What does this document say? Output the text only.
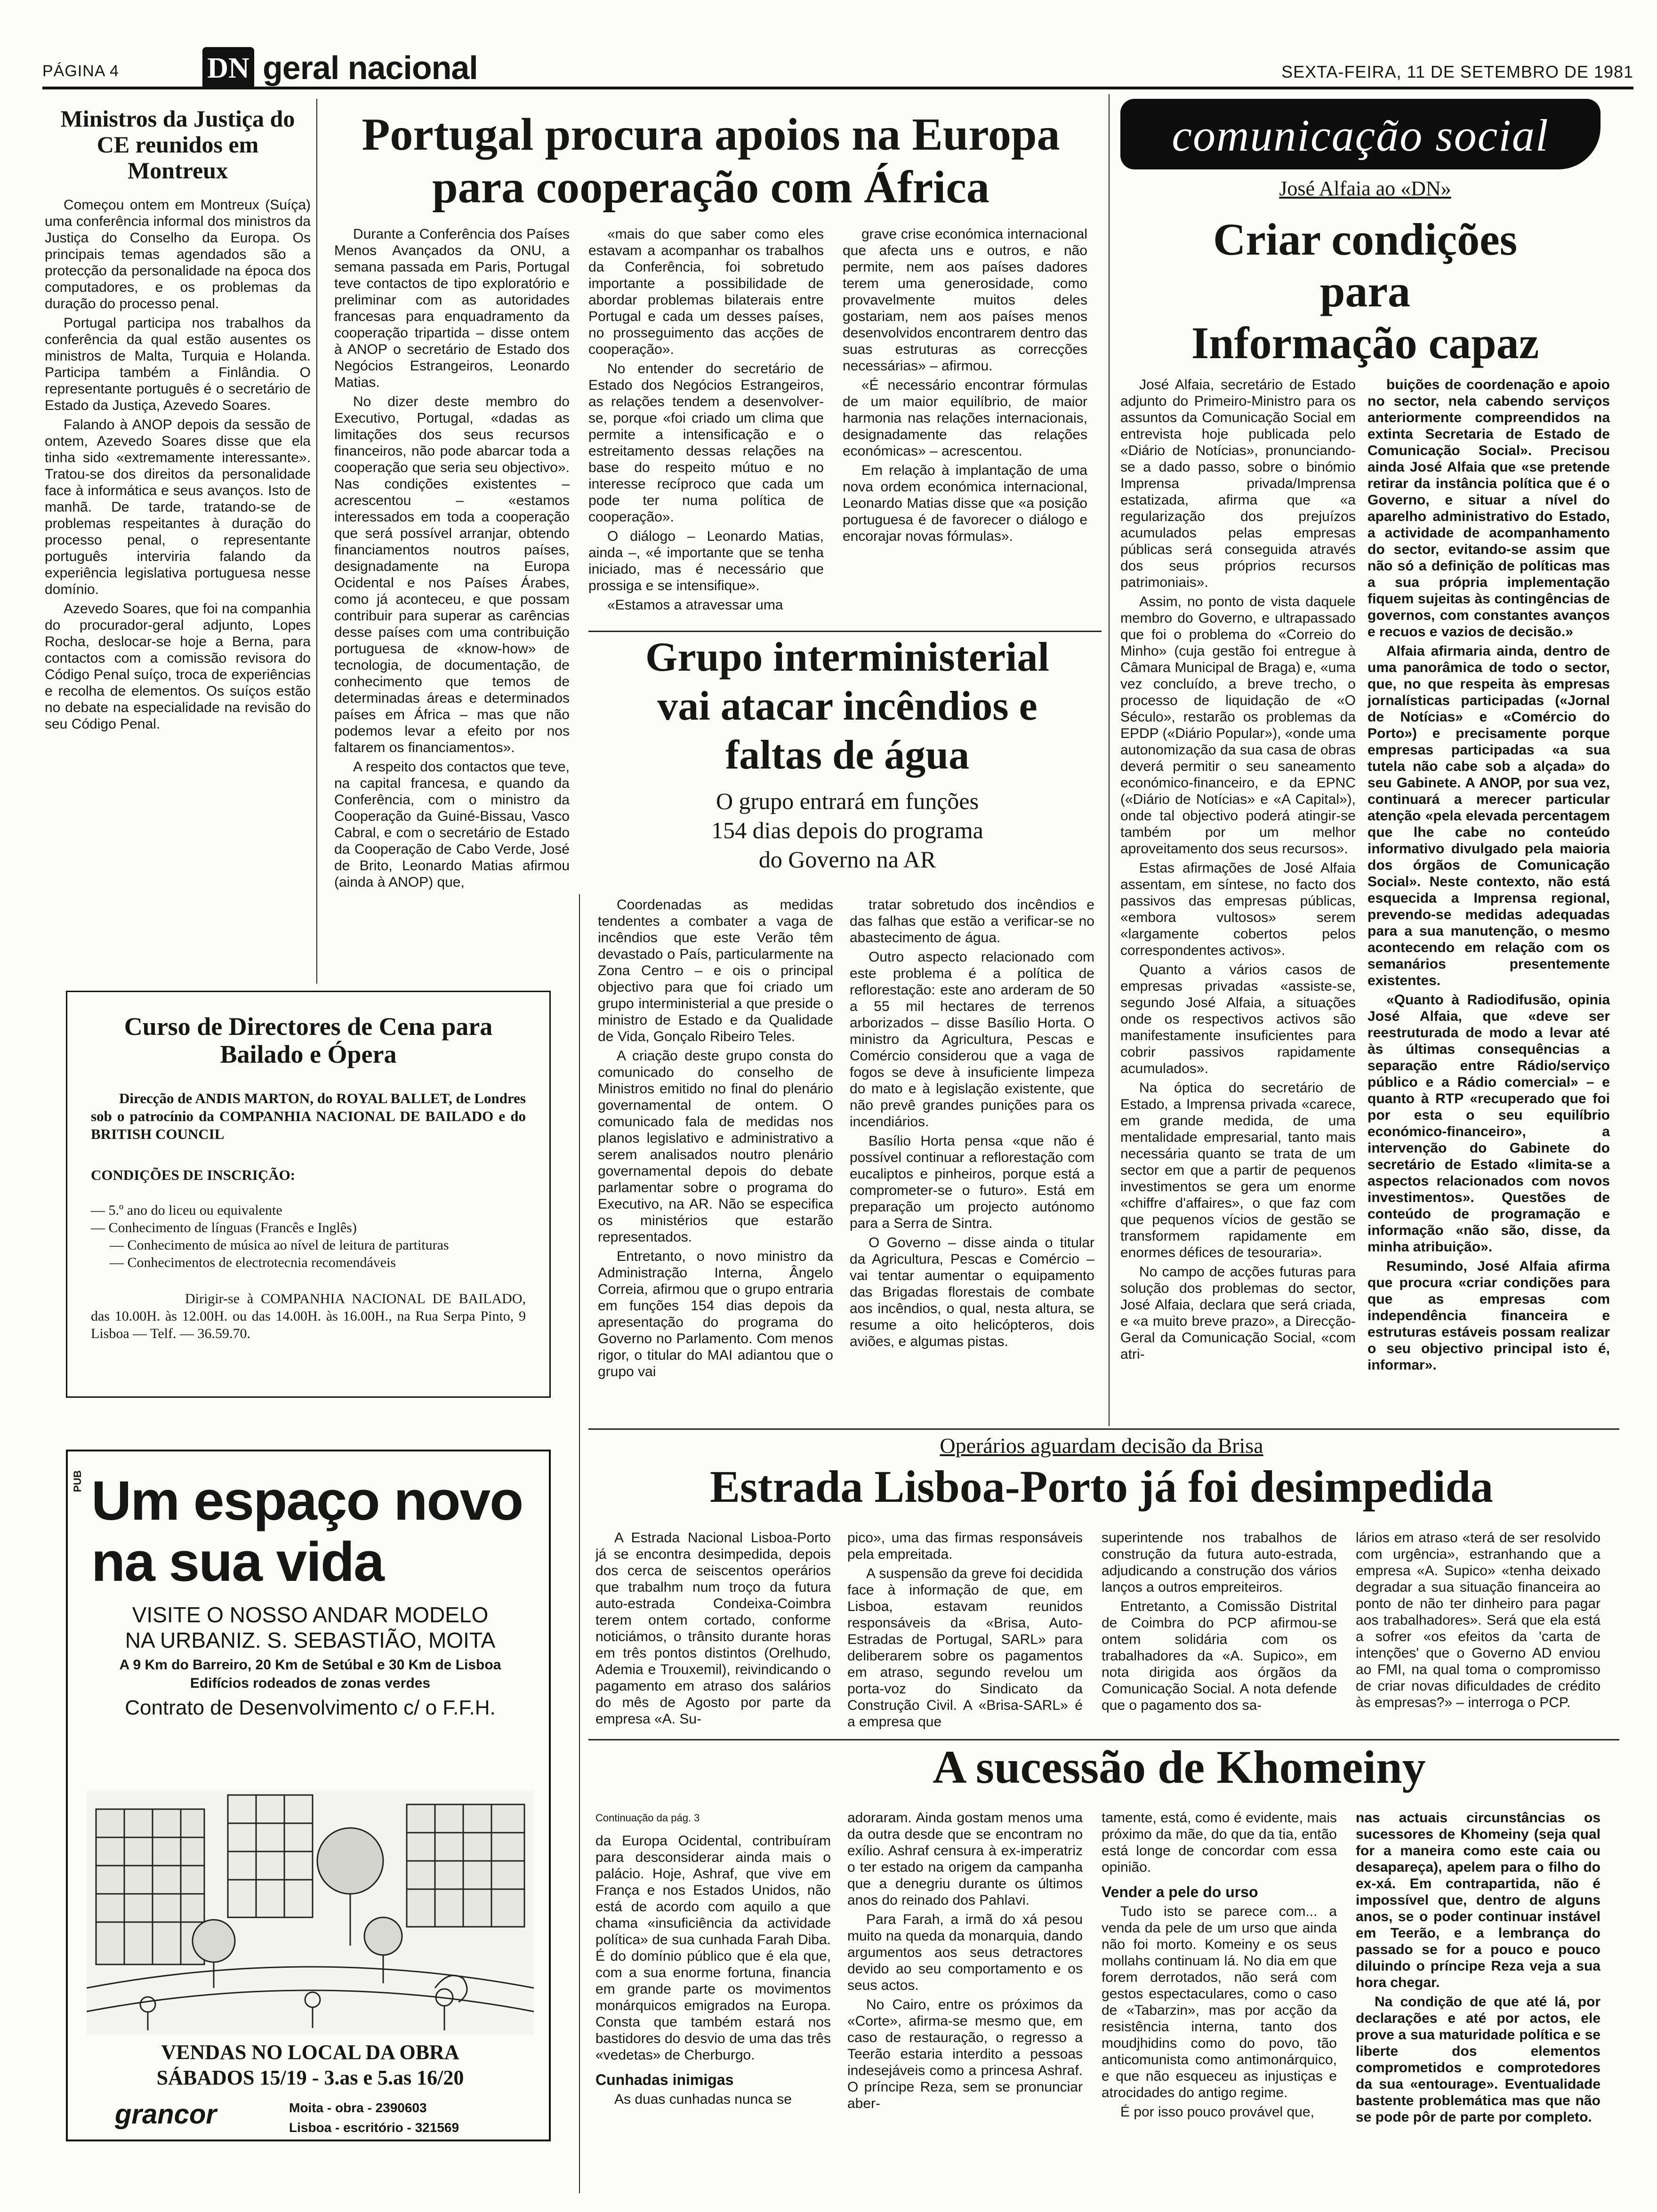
PÁGINA 4	DN geral nacional	SEXTA-FEIRA, 11 DE SETEMBRO DE 1981
Ministros da Justiça do CE reunidos em Montreux

Começou ontem em Montreux (Suíça) uma conferência informal dos ministros da Justiça do Conselho da Europa. Os principais temas agendados são a protecção da personalidade na época dos computadores, e os problemas da duração do processo penal.

Portugal participa nos trabalhos da conferência da qual estão ausentes os ministros de Malta, Turquia e Holanda. Participa também a Finlândia. O representante português é o secretário de Estado da Justiça, Azevedo Soares.

Falando à ANOP depois da sessão de ontem, Azevedo Soares disse que ela tinha sido «extremamente interessante». Tratou-se dos direitos da personalidade face à informática e seus avanços. Isto de manhã. De tarde, tratando-se de problemas respeitantes à duração do processo penal, o representante português interviria falando da experiência legislativa portuguesa nesse domínio.

Azevedo Soares, que foi na companhia do procurador-geral adjunto, Lopes Rocha, deslocar-se hoje a Berna, para contactos com a comissão revisora do Código Penal suíço, troca de experiências e recolha de elementos. Os suíços estão no debate na especialidade na revisão do seu Código Penal.

Curso de Directores de Cena para Bailado e Ópera

Direcção de ANDIS MARTON, do ROYAL BALLET, de Londres sob o patrocínio da COMPANHIA NACIONAL DE BAILADO e do BRITISH COUNCIL

CONDIÇÕES DE INSCRIÇÃO:

— 5.º ano do liceu ou equivalente
— Conhecimento de línguas (Francês e Inglês)
— Conhecimento de música ao nível de leitura de partituras
— Conhecimentos de electrotecnia recomendáveis

Dirigir-se à COMPANHIA NACIONAL DE BAILADO, das 10.00H. às 12.00H. ou das 14.00H. às 16.00H., na Rua Serpa Pinto, 9 Lisboa — Telf. — 36.59.70.

PUB Um espaço novo
na sua vida
VISITE O NOSSO ANDAR MODELO
NA URBANIZ. S. SEBASTIÃO, MOITA
A 9 Km do Barreiro, 20 Km de Setúbal e 30 Km de Lisboa
Edifícios rodeados de zonas verdes
Contrato de Desenvolvimento c/ o F.F.H.
VENDAS NO LOCAL DA OBRA
SÁBADOS 15/19 - 3.as e 5.as 16/20
grancor	Moita - obra - 2390603
Lisboa - escritório - 321569
Portugal procura apoios na Europa
para cooperação com África

Durante a Conferência dos Países Menos Avançados da ONU, a semana passada em Paris, Portugal teve contactos de tipo exploratório e preliminar com as autoridades francesas para enquadramento da cooperação tripartida – disse ontem à ANOP o secretário de Estado dos Negócios Estrangeiros, Leonardo Matias.

No dizer deste membro do Executivo, Portugal, «dadas as limitações dos seus recursos financeiros, não pode abarcar toda a cooperação que seria seu objectivo». Nas condições existentes – acrescentou – «estamos interessados em toda a cooperação que será possível arranjar, obtendo financiamentos noutros países, designadamente na Europa Ocidental e nos Países Árabes, como já aconteceu, e que possam contribuir para superar as carências desse países com uma contribuição portuguesa de «know-how» de tecnologia, de documentação, de conhecimento que temos de determinadas áreas e determinados países em África – mas que não podemos levar a efeito por nos faltarem os financiamentos».

A respeito dos contactos que teve, na capital francesa, e quando da Conferência, com o ministro da Cooperação da Guiné-Bissau, Vasco Cabral, e com o secretário de Estado da Cooperação de Cabo Verde, José de Brito, Leonardo Matias afirmou (ainda à ANOP) que,

«mais do que saber como eles estavam a acompanhar os trabalhos da Conferência, foi sobretudo importante a possibilidade de abordar problemas bilaterais entre Portugal e cada um desses países, no prosseguimento das acções de cooperação».

No entender do secretário de Estado dos Negócios Estrangeiros, as relações tendem a desenvolver-se, porque «foi criado um clima que permite a intensificação e o estreitamento dessas relações na base do respeito mútuo e no interesse recíproco que cada um pode ter numa política de cooperação».

O diálogo – Leonardo Matias, ainda –, «é importante que se tenha iniciado, mas é necessário que prossiga e se intensifique».

«Estamos a atravessar uma

grave crise económica internacional que afecta uns e outros, e não permite, nem aos países dadores terem uma generosidade, como provavelmente muitos deles gostariam, nem aos países menos desenvolvidos encontrarem dentro das suas estruturas as correcções necessárias» – afirmou.

«É necessário encontrar fórmulas de um maior equilíbrio, de maior harmonia nas relações internacionais, designadamente das relações económicas» – acrescentou.

Em relação à implantação de uma nova ordem económica internacional, Leonardo Matias disse que «a posição portuguesa é de favorecer o diálogo e encorajar novas fórmulas».

Grupo interministerial
vai atacar incêndios e
faltas de água
O grupo entrará em funções
154 dias depois do programa
do Governo na AR

Coordenadas as medidas tendentes a combater a vaga de incêndios que este Verão têm devastado o País, particularmente na Zona Centro – e ois o principal objectivo para que foi criado um grupo interministerial a que preside o ministro de Estado e da Qualidade de Vida, Gonçalo Ribeiro Teles.

A criação deste grupo consta do comunicado do conselho de Ministros emitido no final do plenário governamental de ontem. O comunicado fala de medidas nos planos legislativo e administrativo a serem analisados noutro plenário governamental depois do debate parlamentar sobre o programa do Executivo, na AR. Não se especifica os ministérios que estarão representados.

Entretanto, o novo ministro da Administração Interna, Ângelo Correia, afirmou que o grupo entraria em funções 154 dias depois da apresentação do programa do Governo no Parlamento. Com menos rigor, o titular do MAI adiantou que o grupo vai

tratar sobretudo dos incêndios e das falhas que estão a verificar-se no abastecimento de água.

Outro aspecto relacionado com este problema é a política de reflorestação: este ano arderam de 50 a 55 mil hectares de terrenos arborizados – disse Basílio Horta. O ministro da Agricultura, Pescas e Comércio considerou que a vaga de fogos se deve à insuficiente limpeza do mato e à legislação existente, que não prevê grandes punições para os incendiários.

Basílio Horta pensa «que não é possível continuar a reflorestação com eucaliptos e pinheiros, porque está a comprometer-se o futuro». Está em preparação um projecto autónomo para a Serra de Sintra.

O Governo – disse ainda o titular da Agricultura, Pescas e Comércio – vai tentar aumentar o equipamento das Brigadas florestais de combate aos incêndios, o qual, nesta altura, se resume a oito helicópteros, dois aviões, e algumas pistas.

comunicação social
José Alfaia ao «DN»
Criar condições
para
Informação capaz

José Alfaia, secretário de Estado adjunto do Primeiro-Ministro para os assuntos da Comunicação Social em entrevista hoje publicada pelo «Diário de Notícias», pronunciando-se a dado passo, sobre o binómio Imprensa privada/Imprensa estatizada, afirma que «a regularização dos prejuízos acumulados pelas empresas públicas será conseguida através dos seus próprios recursos patrimoniais».

Assim, no ponto de vista daquele membro do Governo, e ultrapassado que foi o problema do «Correio do Minho» (cuja gestão foi entregue à Câmara Municipal de Braga) e, «uma vez concluído, a breve trecho, o processo de liquidação de «O Século», restarão os problemas da EPDP («Diário Popular»), «onde uma autonomização da sua casa de obras deverá permitir o seu saneamento económico-financeiro, e da EPNC («Diário de Notícias» e «A Capital»), onde tal objectivo poderá atingir-se também por um melhor aproveitamento dos seus recursos».

Estas afirmações de José Alfaia assentam, em síntese, no facto dos passivos das empresas públicas, «embora vultosos» serem «largamente cobertos pelos correspondentes activos».

Quanto a vários casos de empresas privadas «assiste-se, segundo José Alfaia, a situações onde os respectivos activos são manifestamente insuficientes para cobrir passivos rapidamente acumulados».

Na óptica do secretário de Estado, a Imprensa privada «carece, em grande medida, de uma mentalidade empresarial, tanto mais necessária quanto se trata de um sector em que a partir de pequenos investimentos se gera um enorme «chiffre d'affaires», o que faz com que pequenos vícios de gestão se transformem rapidamente em enormes défices de tesouraria».

No campo de acções futuras para solução dos problemas do sector, José Alfaia, declara que será criada, e «a muito breve prazo», a Direcção-Geral da Comunicação Social, «com atri-

buições de coordenação e apoio no sector, nela cabendo serviços anteriormente compreendidos na extinta Secretaria de Estado de Comunicação Social». Precisou ainda José Alfaia que «se pretende retirar da instância política que é o Governo, e situar a nível do aparelho administrativo do Estado, a actividade de acompanhamento do sector, evitando-se assim que não só a definição de políticas mas a sua própria implementação fiquem sujeitas às contingências de governos, com constantes avanços e recuos e vazios de decisão.»

Alfaia afirmaria ainda, dentro de uma panorâmica de todo o sector, que, no que respeita às empresas jornalísticas participadas («Jornal de Notícias» e «Comércio do Porto») e precisamente porque empresas participadas «a sua tutela não cabe sob a alçada» do seu Gabinete. A ANOP, por sua vez, continuará a merecer particular atenção «pela elevada percentagem que lhe cabe no conteúdo informativo divulgado pela maioria dos órgãos de Comunicação Social». Neste contexto, não está esquecida a Imprensa regional, prevendo-se medidas adequadas para a sua manutenção, o mesmo acontecendo em relação com os semanários presentemente existentes.

«Quanto à Radiodifusão, opinia José Alfaia, que «deve ser reestruturada de modo a levar até às últimas consequências a separação entre Rádio/serviço público e a Rádio comercial» – e quanto à RTP «recuperado que foi por esta o seu equilíbrio económico-financeiro», a intervenção do Gabinete do secretário de Estado «limita-se a aspectos relacionados com novos investimentos». Questões de conteúdo de programação e informação «não são, disse, da minha atribuição».

Resumindo, José Alfaia afirma que procura «criar condições para que as empresas com independência financeira e estruturas estáveis possam realizar o seu objectivo principal isto é, informar».

Operários aguardam decisão da Brisa
Estrada Lisboa-Porto já foi desimpedida

A Estrada Nacional Lisboa-Porto já se encontra desimpedida, depois dos cerca de seiscentos operários que trabalhm num troço da futura auto-estrada Condeixa-Coimbra terem ontem cortado, conforme noticiámos, o trânsito durante horas em três pontos distintos (Orelhudo, Ademia e Trouxemil), reivindicando o pagamento em atraso dos salários do mês de Agosto por parte da empresa «A. Su-

pico», uma das firmas responsáveis pela empreitada.

A suspensão da greve foi decidida face à informação de que, em Lisboa, estavam reunidos responsáveis da «Brisa, Auto-Estradas de Portugal, SARL» para deliberarem sobre os pagamentos em atraso, segundo revelou um porta-voz do Sindicato da Construção Civil. A «Brisa-SARL» é a empresa que

superintende nos trabalhos de construção da futura auto-estrada, adjudicando a construção dos vários lanços a outros empreiteiros.

Entretanto, a Comissão Distrital de Coimbra do PCP afirmou-se ontem solidária com os trabalhadores da «A. Supico», em nota dirigida aos órgãos da Comunicação Social. A nota defende que o pagamento dos sa-

lários em atraso «terá de ser resolvido com urgência», estranhando que a empresa «A. Supico» «tenha deixado degradar a sua situação financeira ao ponto de não ter dinheiro para pagar aos trabalhadores». Será que ela está a sofrer «os efeitos da 'carta de intenções' que o Governo AD enviou ao FMI, na qual toma o compromisso de criar novas dificuldades de crédito às empresas?» – interroga o PCP.

A sucessão de Khomeiny

Continuação da pág. 3

da Europa Ocidental, contribuíram para desconsiderar ainda mais o palácio. Hoje, Ashraf, que vive em França e nos Estados Unidos, não está de acordo com aquilo a que chama «insuficiência da actividade política» de sua cunhada Farah Diba. É do domínio público que é ela que, com a sua enorme fortuna, financia em grande parte os movimentos monárquicos emigrados na Europa. Consta que também estará nos bastidores do desvio de uma das três «vedetas» de Cherburgo.

Cunhadas inimigas

As duas cunhadas nunca se

adoraram. Ainda gostam menos uma da outra desde que se encontram no exílio. Ashraf censura à ex-imperatriz o ter estado na origem da campanha que a denegriu durante os últimos anos do reinado dos Pahlavi.

Para Farah, a irmã do xá pesou muito na queda da monarquia, dando argumentos aos seus detractores devido ao seu comportamento e os seus actos.

No Cairo, entre os próximos da «Corte», afirma-se mesmo que, em caso de restauração, o regresso a Teerão estaria interdito a pessoas indesejáveis como a princesa Ashraf. O príncipe Reza, sem se pronunciar aber-

tamente, está, como é evidente, mais próximo da mãe, do que da tia, então está longe de concordar com essa opinião.

Vender a pele do urso

Tudo isto se parece com... a venda da pele de um urso que ainda não foi morto. Komeiny e os seus mollahs continuam lá. No dia em que forem derrotados, não será com gestos espectaculares, como o caso de «Tabarzin», mas por acção da resistência interna, tanto dos moudjhidins como do povo, tão anticomunista como antimonárquico, e que não esqueceu as injustiças e atrocidades do antigo regime.

É por isso pouco provável que,

nas actuais circunstâncias os sucessores de Khomeiny (seja qual for a maneira como este caia ou desapareça), apelem para o filho do ex-xá. Em contrapartida, não é impossível que, dentro de alguns anos, se o poder continuar instável em Teerão, e a lembrança do passado se for a pouco e pouco diluindo o príncipe Reza veja a sua hora chegar.

Na condição de que até lá, por declarações e até por actos, ele prove a sua maturidade política e se liberte dos elementos comprometidos e comprotedores da sua «entourage». Eventualidade bastente problemática mas que não se pode pôr de parte por completo.
